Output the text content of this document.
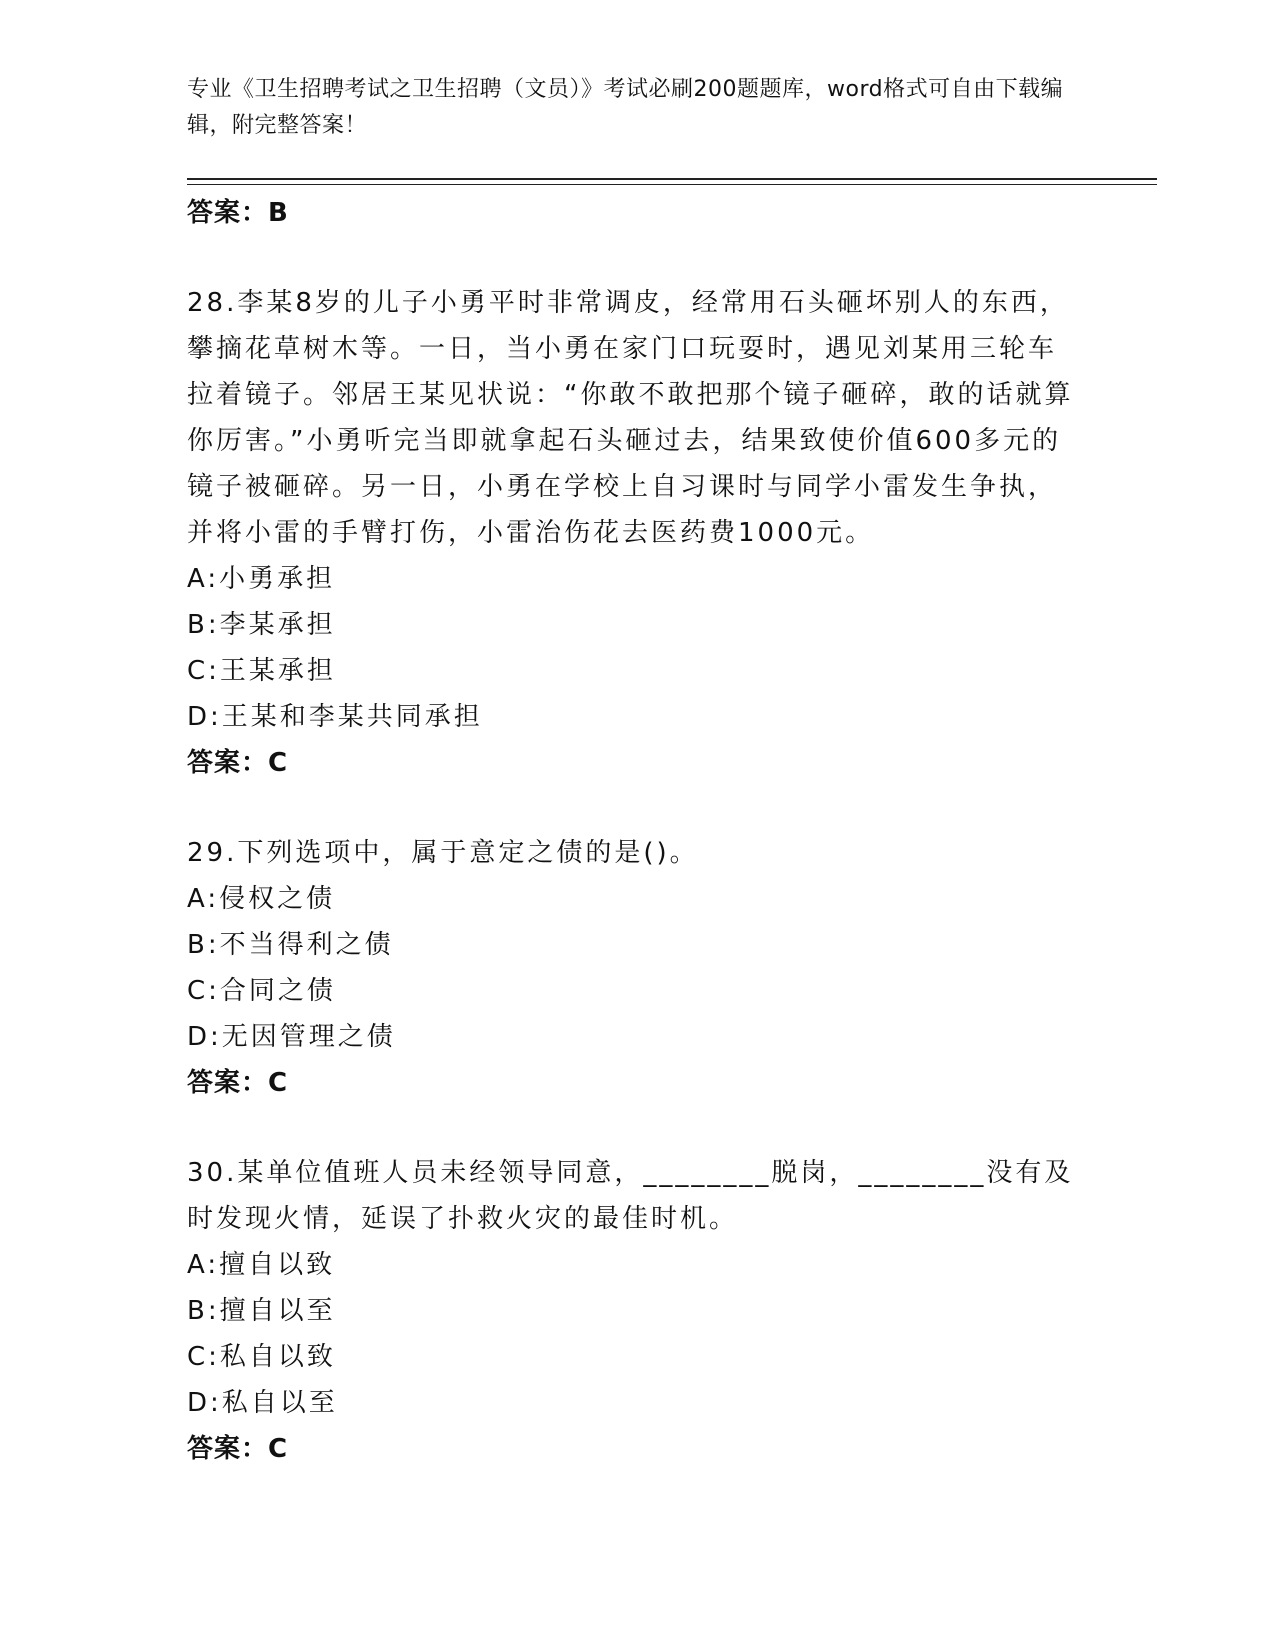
专业《卫生招聘考试之卫生招聘（文员）》考试必刷200题题库，word格式可自由下载编辑，附完整答案！
答案：B
28.李某8岁的儿子小勇平时非常调皮，经常用石头砸坏别人的东西，攀摘花草树木等。一日，当小勇在家门口玩耍时，遇见刘某用三轮车拉着镜子。邻居王某见状说：“你敢不敢把那个镜子砸碎，敢的话就算你厉害。”小勇听完当即就拿起石头砸过去，结果致使价值600多元的镜子被砸碎。另一日，小勇在学校上自习课时与同学小雷发生争执，并将小雷的手臂打伤，小雷治伤花去医药费1000元。
A:小勇承担
B:李某承担
C:王某承担
D:王某和李某共同承担
答案：C
29.下列选项中，属于意定之债的是()。
A:侵权之债
B:不当得利之债
C:合同之债
D:无因管理之债
答案：C
30.某单位值班人员未经领导同意，________脱岗，________没有及时发现火情，延误了扑救火灾的最佳时机。
A:擅自以致
B:擅自以至
C:私自以致
D:私自以至
答案：C
